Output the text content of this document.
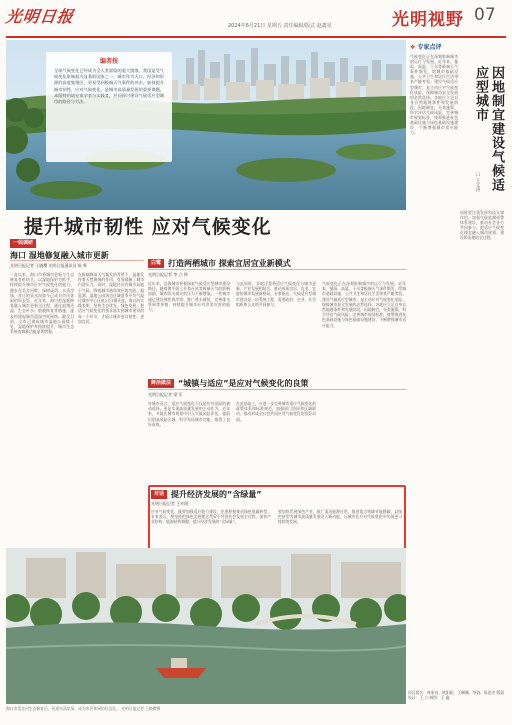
光明日报	2024年6月21日 星期五 责任编辑/版式 赵鑫星	光明视野 07
编者按
全球气候变化已经成为全人类面临的重大挑战。我国是受气候变化影响最为显著的国家之一，城市作为人口、经济和资源的高度集聚区，更易受到极端天气事件的冲击。如何提升城市韧性、应对气候变化，是城市高质量发展的重要课题。本版特约请专家学者与实践者，共同探讨建设气候适应型城市的路径与方法。
❖ 专家点评
气候变化正在深刻影响城市的运行与发展。近年来，暴雨、高温、干旱等极端天气事件频发，给城市基础设施、公共卫生和居民生活带来严峻考验。建设气候适应型城市，是主动应对气候变化风险、保障城市安全发展的必然选择。各地应立足自身自然地理条件和发展阶段，因地制宜，分类施策，科学评估气候风险，完善城市规划标准，统筹推进灰色基础设施与绿色基础设施建设，不断增强城市适应能力。	因地制宜建设气候适应型城市
口 王文涛
同时要注重发挥科技支撑作用，加强气候监测预警体系建设，推动社会各方共同参与，把适应气候变化理念融入城市规划、建设和治理的全过程。
提升城市韧性 应对气候变化
一线调研
海口 湿地修复融入城市更新
光明日报记者 王晓樱 光明日报通讯员 陈 辉
一直以来，海口市将城市更新与生态修复有机结合，以湿地保护为抓手，持续提升城市应对气候变化的能力。漫步在美舍河畔，绿树成荫、水清岸绿，昔日的臭水沟如今已成为市民休闲的好去处。近年来，海口把湿地修复融入城市更新全过程，通过退塘还湿、生态补水、植被恢复等措施，逐步构建起城市蓝绿空间网络。截至目前，全市已建成城市湿地公园数十处，湿地保护率持续提升，城市生态系统的调蓄功能显著增强。
在极端降雨天气频发的背景下，湿地发挥着天然海绵的作用，有效缓解了城市内涝压力。同时，湿地还具有调节局地小气候、降低城市热岛效应的功能。据监测，湿地公园周边区域夏季平均气温比城市中心区低2至3摄氏度。海口的实践表明，坚持生态优先、绿色发展，把适应气候变化的要求落实到城市建设的每一个环节，才能让城市更具韧性、更加宜居。
白鹭 打造两栖城市 探索宜居宜业新模式
光明日报记者 李 立 钟
近年来，沿海城市积极探索气候适应型城市建设路径。随着海平面上升和台风等极端天气的影响加剧，城市防灾减灾的压力不断增加。一些城市通过建设弹性海岸带、推广透水铺装、完善排水管网等举措，持续提升城市应对洪涝灾害的能力。
与此同时，各地注重将适应气候变化与城市更新、产业发展相结合，推动形成宜居、宜业、宜游的城市发展新格局。专家指出，气候适应型城市建设是一项系统工程，需要政府、企业、社会组织和公众的共同参与。
鲜活做法 “城镇与适应”是应对气候变化的良策
光明日报记者 梁 军
对城市而言，适应气候变化不仅是应对风险的被动选择，更是实现高质量发展的主动作为。近年来，多地在城市规划中引入气候风险评估，提前识别高风险区域，科学布局城市功能，取得了良好成效。
在此基础上，应进一步完善城市适应气候变化的政策体系和标准规范，加强部门协同和区域联动，推动形成全社会共同应对气候变化的良好局面。
气候变化正在深刻影响城市的运行与发展。近年来，暴雨、高温、干旱等极端天气事件频发，给城市基础设施、公共卫生和居民生活带来严峻考验。建设气候适应型城市，是主动应对气候变化风险、保障城市安全发展的必然选择。各地应立足自身自然地理条件和发展阶段，因地制宜，分类施策，科学评估气候风险，完善城市规划标准，统筹推进灰色基础设施与绿色基础设施建设，不断增强城市适应能力。
对话 提升经济发展的“含绿量”
光明日报记者 王亦阳
应对气候变化，既要加强适应能力建设，也要积极推动绿色低碳转型。专家表示，要坚持把绿色发展理念贯穿于经济社会发展全过程，加快产业结构、能源结构调整，提升经济发展的“含绿量”。
要加快发展绿色产业，推广清洁能源应用，推进重点领域节能降碳，以绿色转型为城市高质量发展注入新动能，让城市在应对气候变化中实现更可持续的发展。
海口市美舍河生态修复后，河道水清岸绿，成为市民休闲的好去处。 光明日报记者 王晓樱摄
项目组名：林家亮、欧阳振、王琳娜、李骁、陈思杰 版面设计：王 立 制图：王 鑫
